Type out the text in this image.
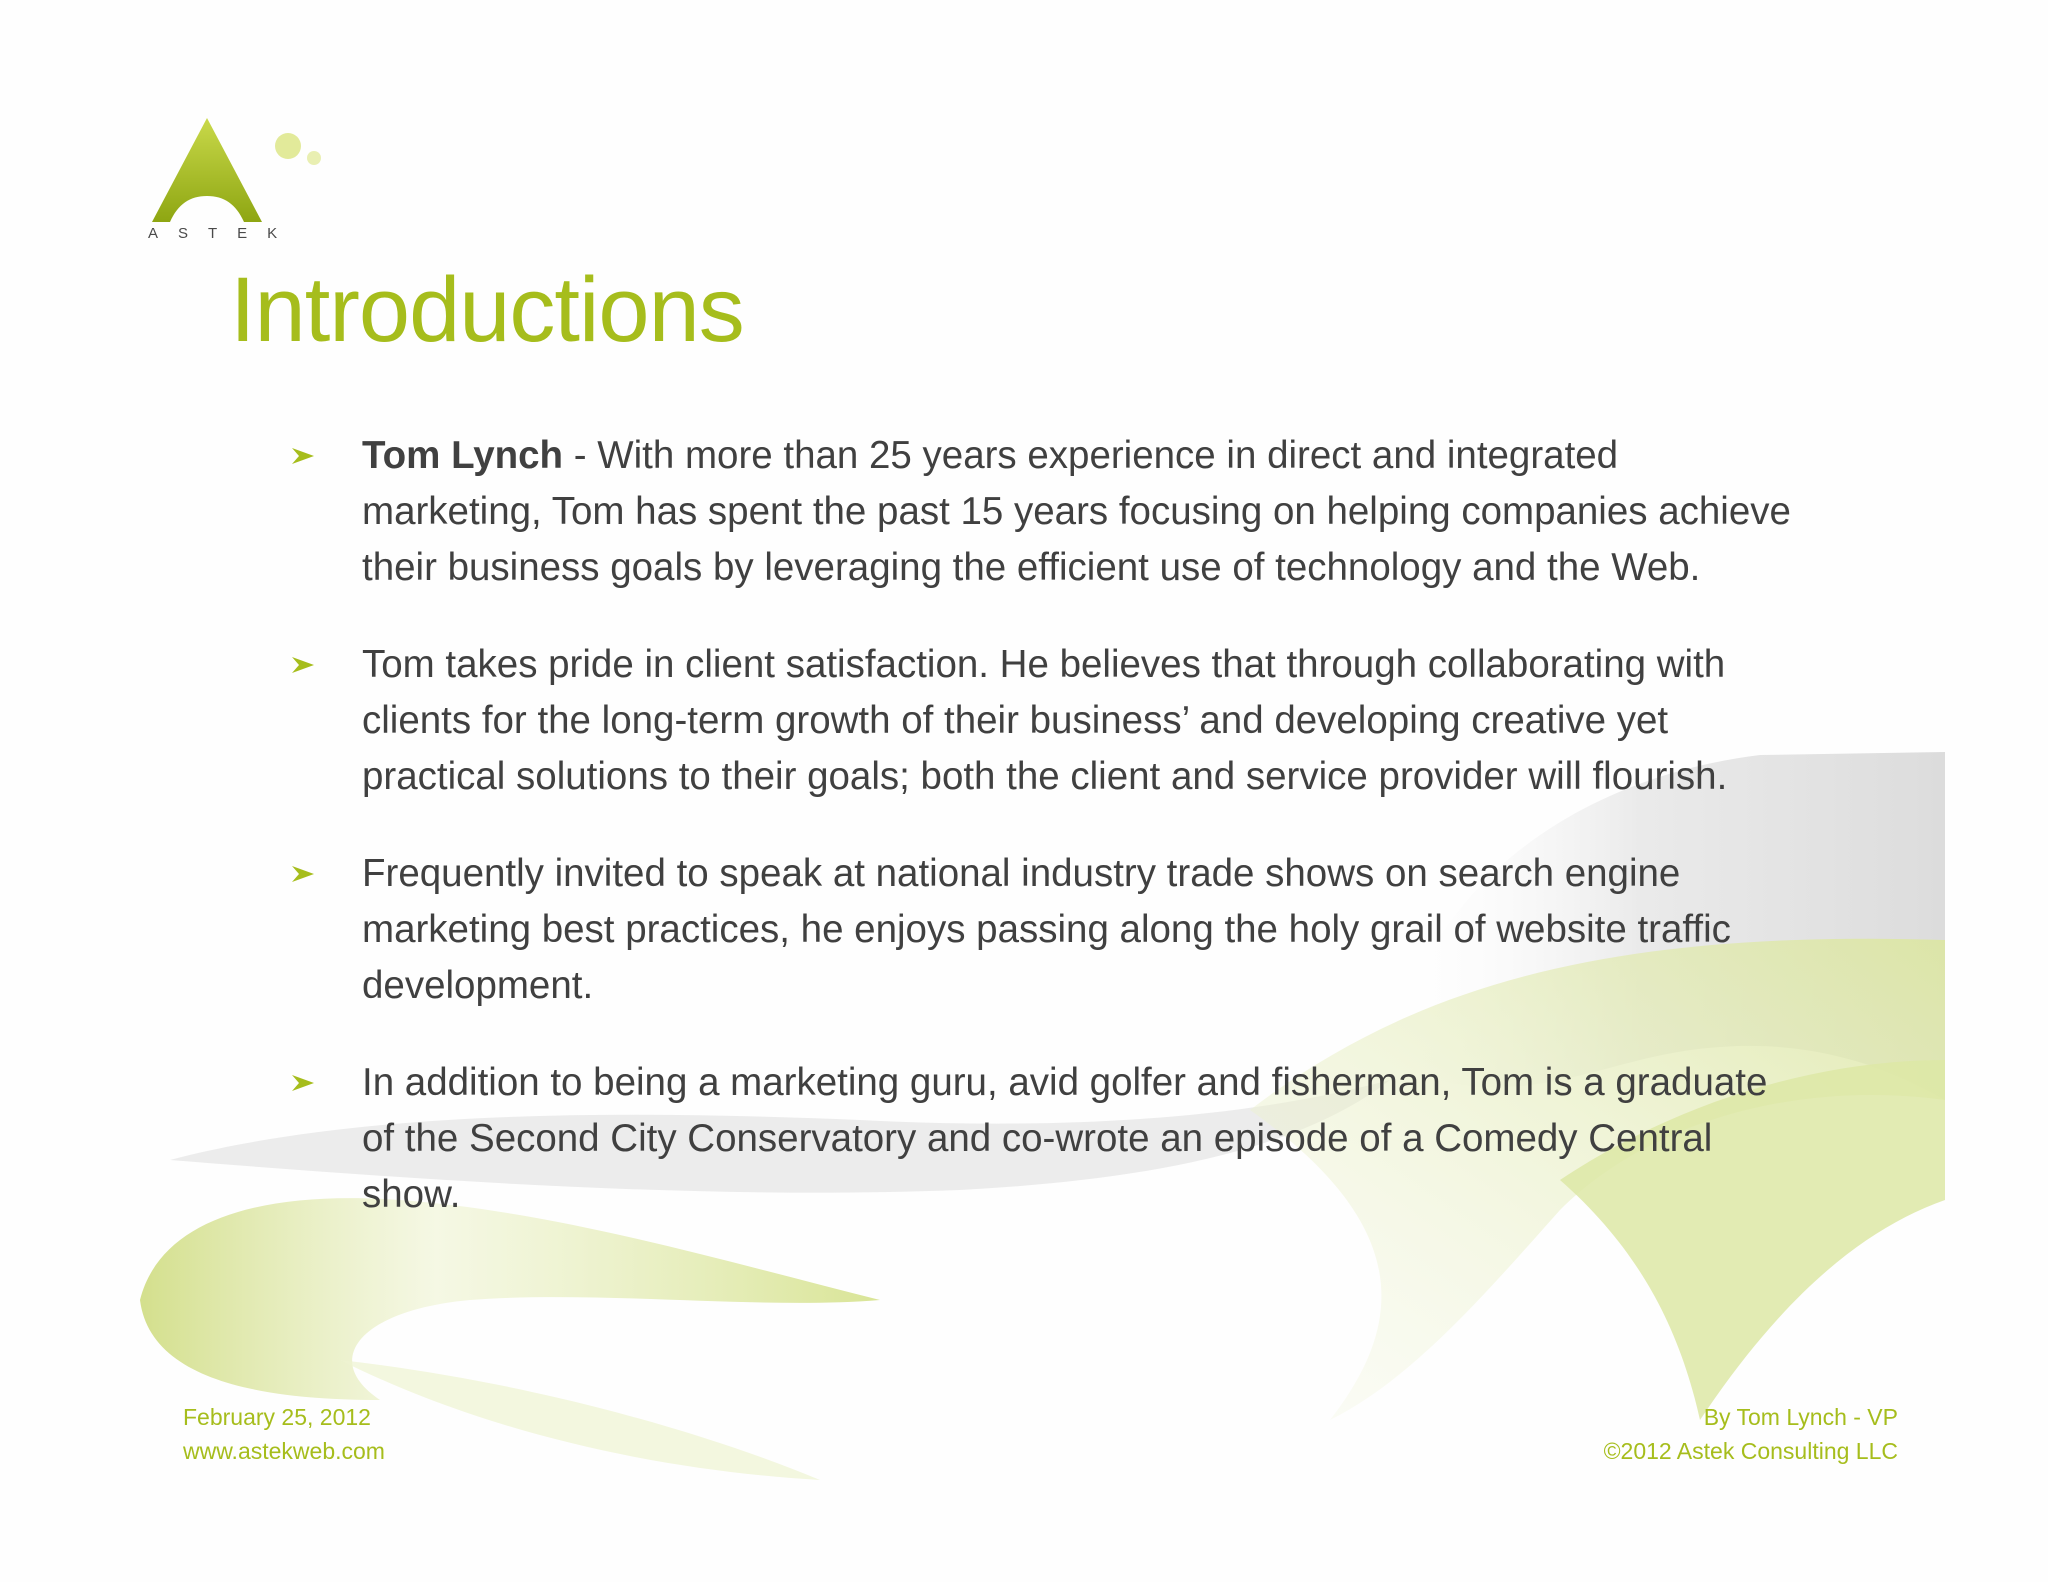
ASTEK
Introductions
Tom Lynch - With more than 25 years experience in direct and integrated marketing, Tom has spent the past 15 years focusing on helping companies achieve their business goals by leveraging the efficient use of technology and the Web.
Tom takes pride in client satisfaction. He believes that through collaborating with clients for the long-term growth of their business’ and developing creative yet practical solutions to their goals; both the client and service provider will flourish.
Frequently invited to speak at national industry trade shows on search engine marketing best practices, he enjoys passing along the holy grail of website traffic development.
In addition to being a marketing guru, avid golfer and fisherman, Tom is a graduate of the Second City Conservatory and co-wrote an episode of a Comedy Central show.
February 25, 2012
www.astekweb.com
By Tom Lynch - VP
©2012 Astek Consulting LLC
